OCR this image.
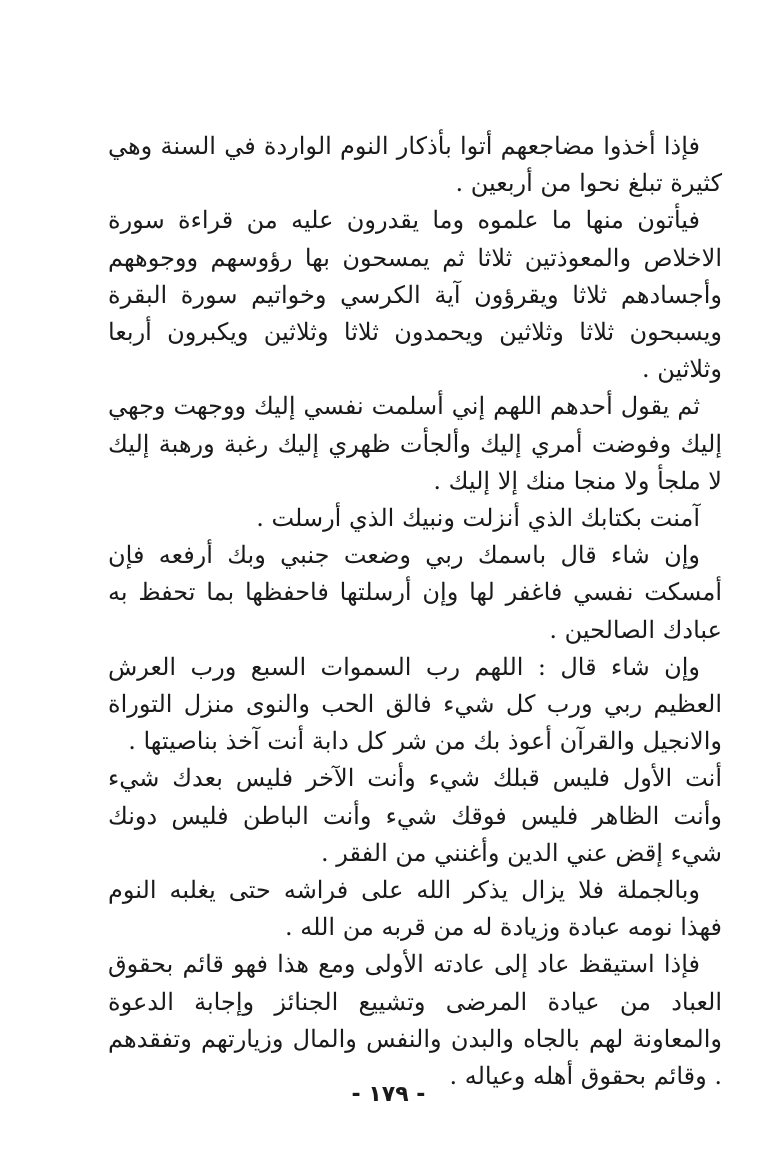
فإذا أخذوا مضاجعهم أتوا بأذكار النوم الواردة في السنة وهي كثيرة تبلغ نحوا من أربعين .

فيأتون منها ما علموه وما يقدرون عليه من قراءة سورة الاخلاص والمعوذتين ثلاثا ثم يمسحون بها رؤوسهم ووجوههم وأجسادهم ثلاثا ويقرؤون آية الكرسي وخواتيم سورة البقرة ويسبحون ثلاثا وثلاثين ويحمدون ثلاثا وثلاثين ويكبرون أربعا وثلاثين .

ثم يقول أحدهم اللهم إني أسلمت نفسي إليك ووجهت وجهي إليك وفوضت أمري إليك وألجأت ظهري إليك رغبة ورهبة إليك لا ملجأ ولا منجا منك إلا إليك .

آمنت بكتابك الذي أنزلت ونبيك الذي أرسلت .

وإن شاء قال باسمك ربي وضعت جنبي وبك أرفعه فإن أمسكت نفسي فاغفر لها وإن أرسلتها فاحفظها بما تحفظ به عبادك الصالحين .

وإن شاء قال : اللهم رب السموات السبع ورب العرش العظيم ربي ورب كل شيء فالق الحب والنوى منزل التوراة والانجيل والقرآن أعوذ بك من شر كل دابة أنت آخذ بناصيتها .

أنت الأول فليس قبلك شيء وأنت الآخر فليس بعدك شيء وأنت الظاهر فليس فوقك شيء وأنت الباطن فليس دونك شيء إقض عني الدين وأغنني من الفقر .

وبالجملة فلا يزال يذكر الله على فراشه حتى يغلبه النوم فهذا نومه عبادة وزيادة له من قربه من الله .

فإذا استيقظ عاد إلى عادته الأولى ومع هذا فهو قائم بحقوق العباد من عيادة المرضى وتشييع الجنائز وإجابة الدعوة والمعاونة لهم بالجاه والبدن والنفس والمال وزيارتهم وتفقدهم . وقائم بحقوق أهله وعياله .

- ١٧٩ -
